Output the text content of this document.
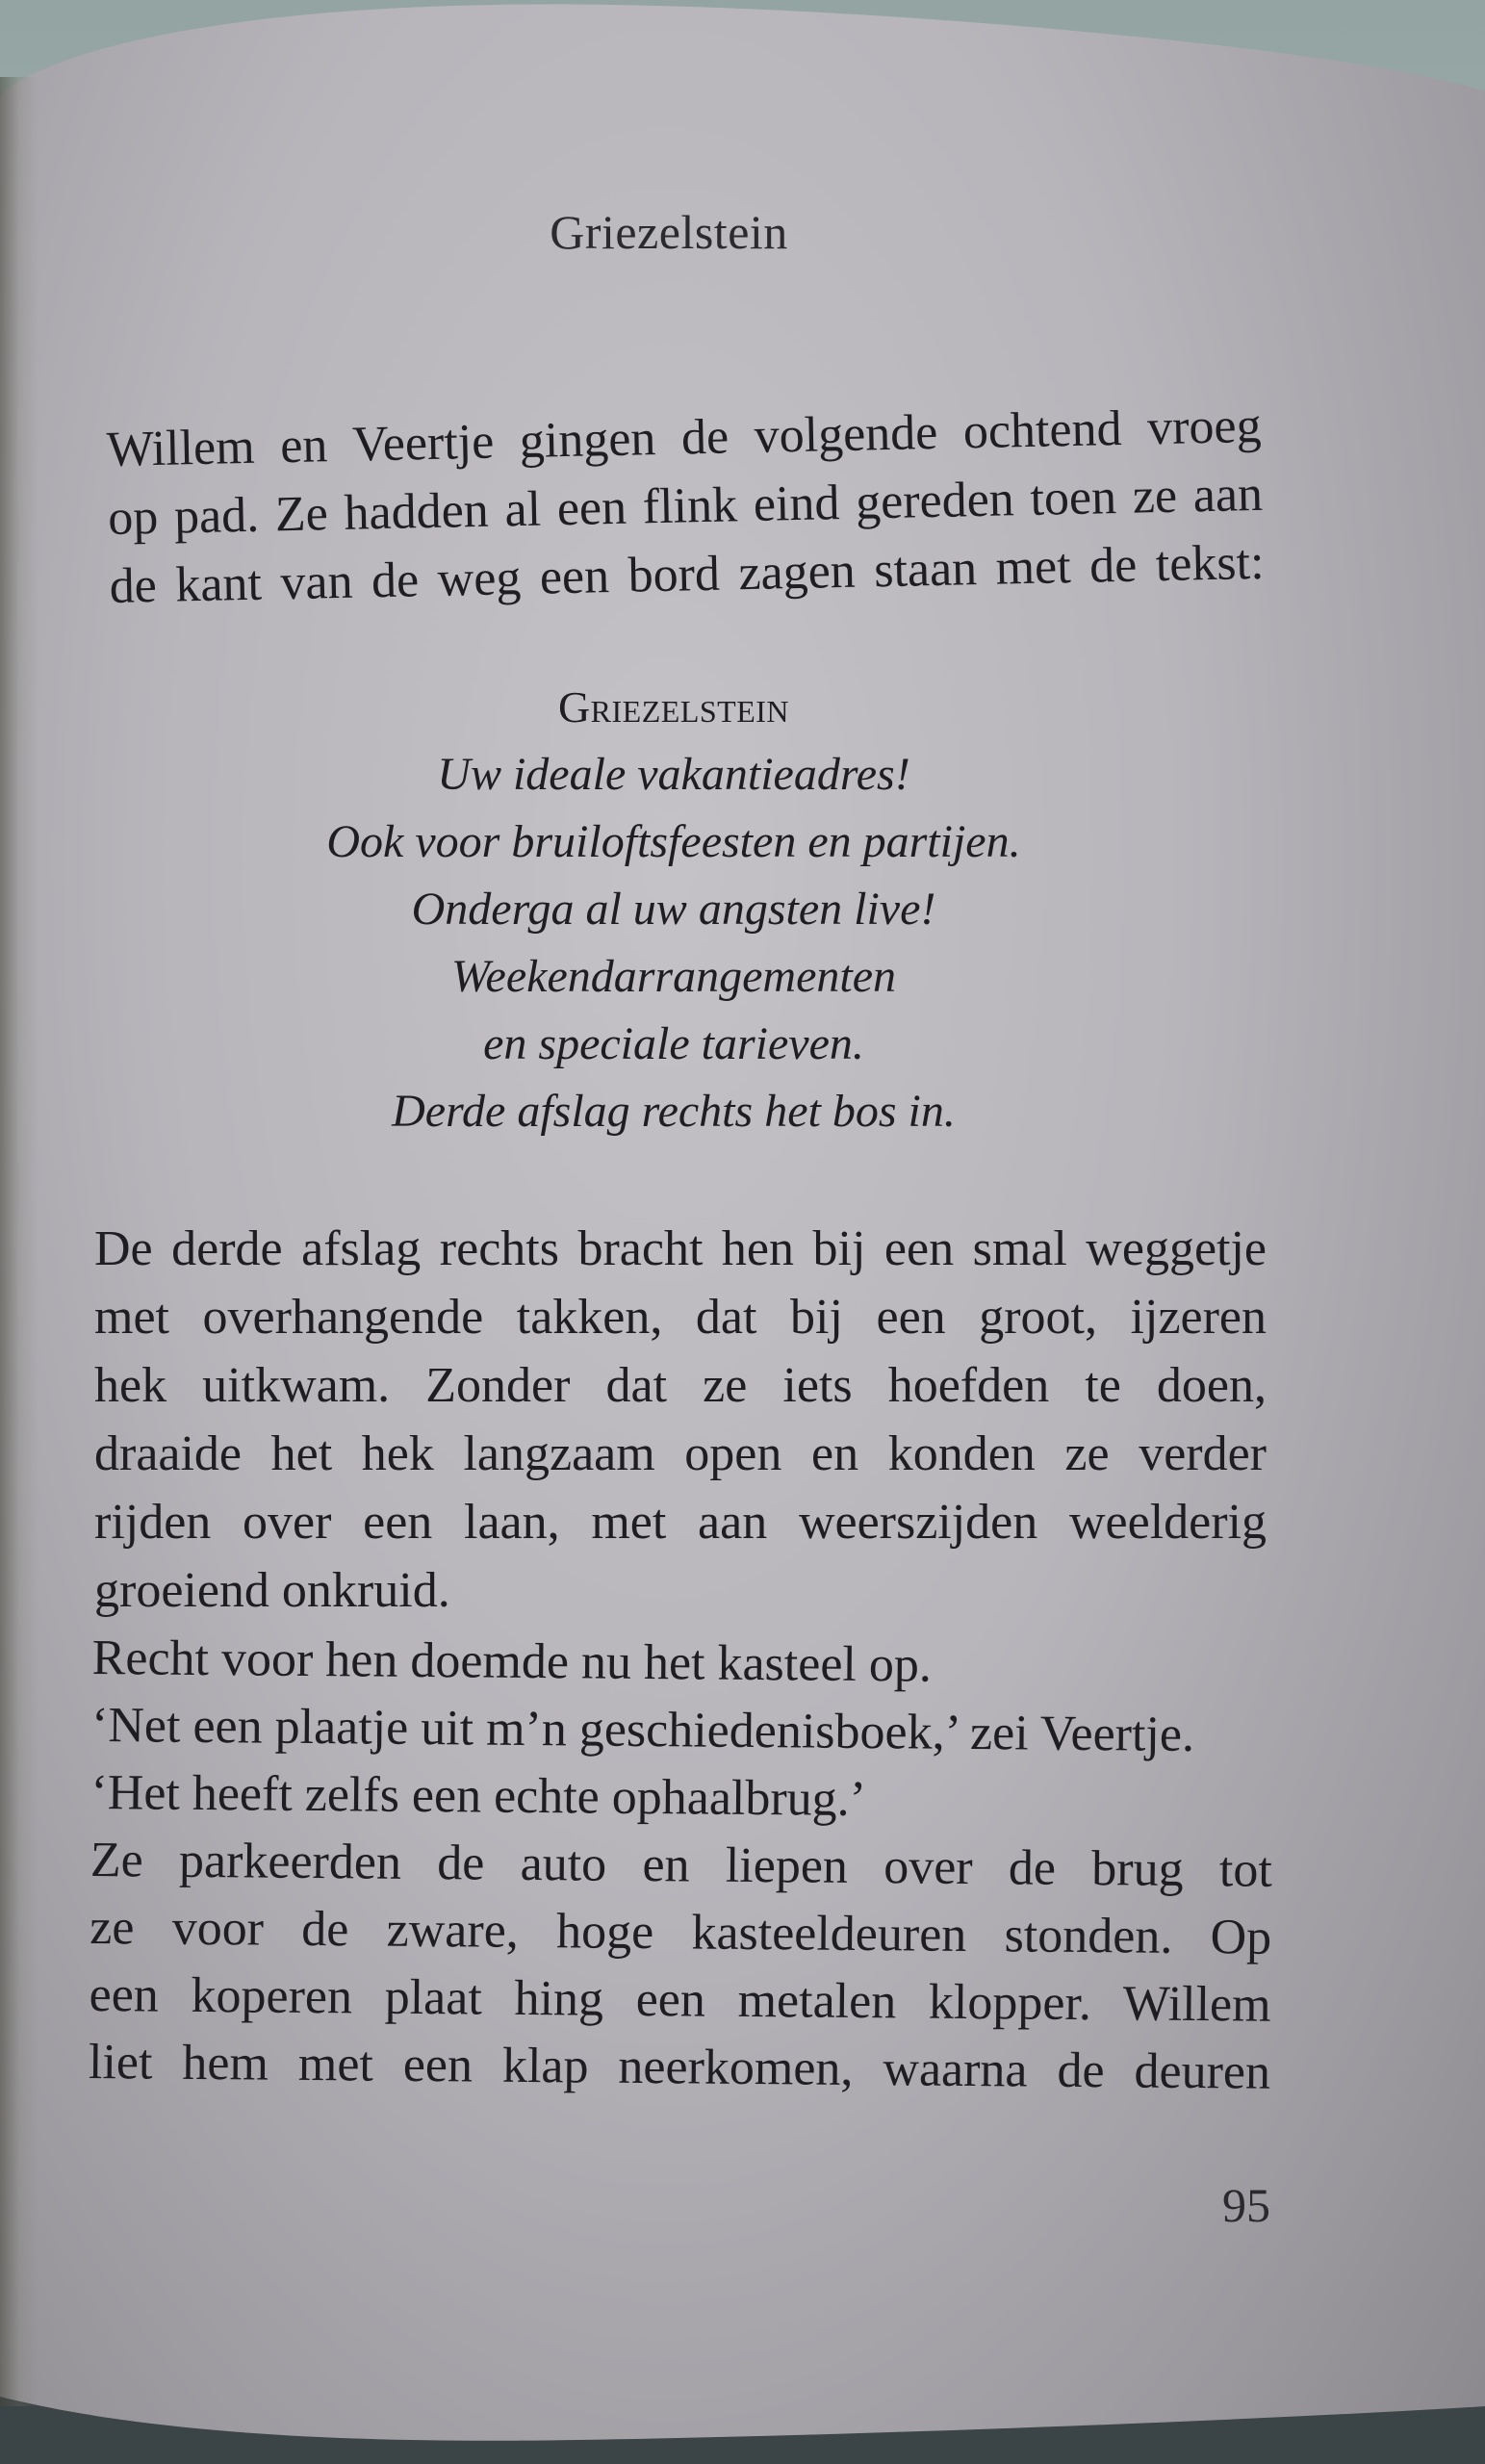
Griezelstein
Willem en Veertje gingen de volgende ochtend vroeg
op pad. Ze hadden al een flink eind gereden toen ze aan
de kant van de weg een bord zagen staan met de tekst:
Griezelstein
Uw ideale vakantieadres!
Ook voor bruiloftsfeesten en partijen.
Onderga al uw angsten live!
Weekendarrangementen
en speciale tarieven.
Derde afslag rechts het bos in.
De derde afslag rechts bracht hen bij een smal weggetje
met overhangende takken, dat bij een groot, ijzeren
hek uitkwam. Zonder dat ze iets hoefden te doen,
draaide het hek langzaam open en konden ze verder
rijden over een laan, met aan weerszijden weelderig
groeiend onkruid.
Recht voor hen doemde nu het kasteel op.
‘Net een plaatje uit m’n geschiedenisboek,’ zei Veertje.
‘Het heeft zelfs een echte ophaalbrug.’
Ze parkeerden de auto en liepen over de brug tot
ze voor de zware, hoge kasteeldeuren stonden. Op
een koperen plaat hing een metalen klopper. Willem
liet hem met een klap neerkomen, waarna de deuren
95
